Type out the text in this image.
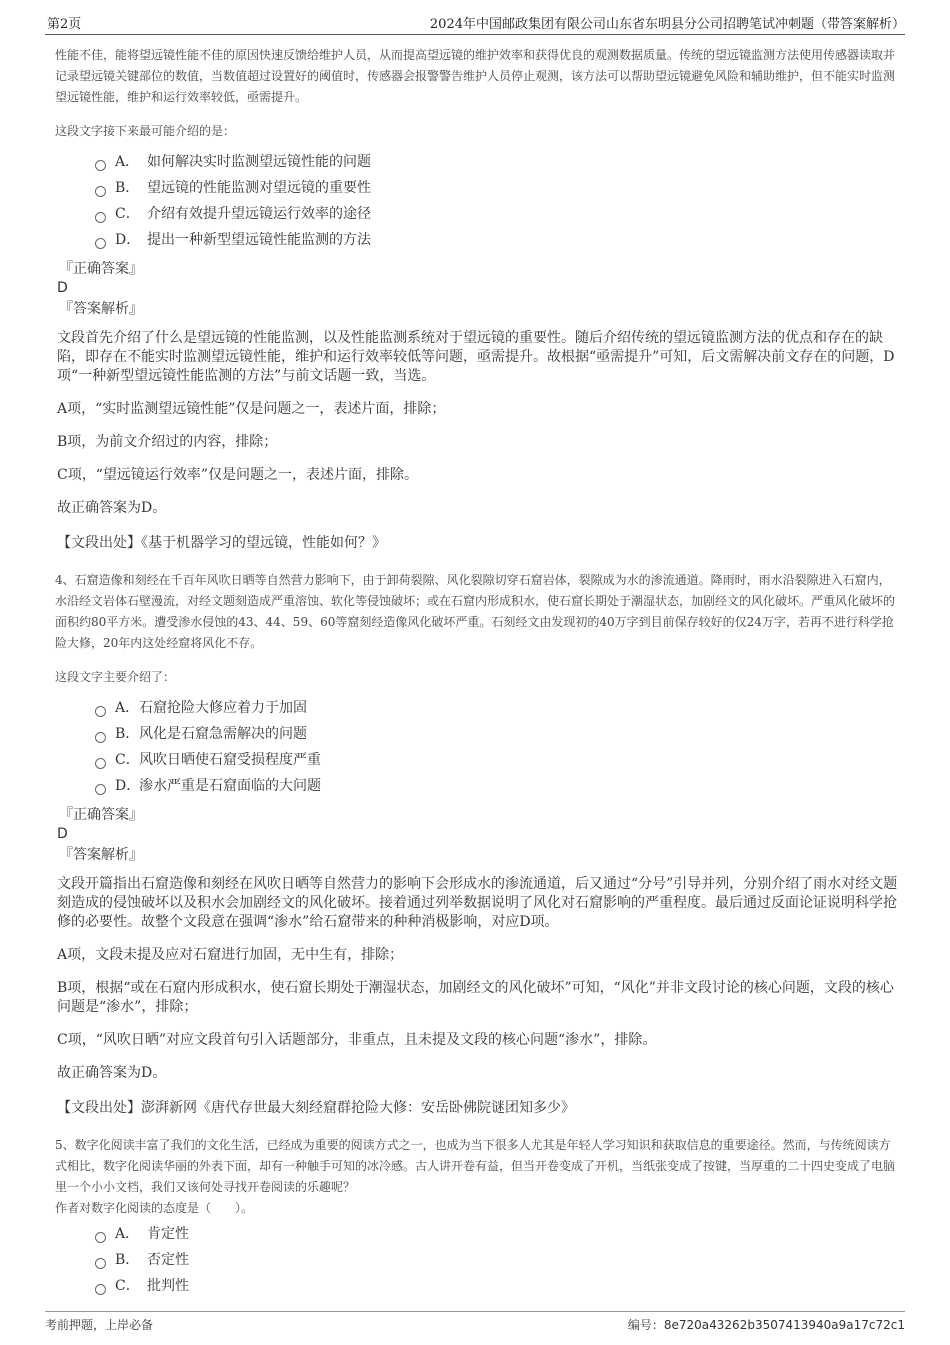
第2页	2024年中国邮政集团有限公司山东省东明县分公司招聘笔试冲刺题（带答案解析）

性能不佳，能将望远镜性能不佳的原因快速反馈给维护人员，从而提高望远镜的维护效率和获得优良的观测数据质量。传统的望远镜监测方法使用传感器读取并记录望远镜关键部位的数值，当数值超过设置好的阈值时，传感器会报警警告维护人员停止观测，该方法可以帮助望远镜避免风险和辅助维护，但不能实时监测望远镜性能，维护和运行效率较低，亟需提升。

这段文字接下来最可能介绍的是：

A． 如何解决实时监测望远镜性能的问题
B． 望远镜的性能监测对望远镜的重要性
C． 介绍有效提升望远镜运行效率的途径
D． 提出一种新型望远镜性能监测的方法

『正确答案』

D

『答案解析』

文段首先介绍了什么是望远镜的性能监测，以及性能监测系统对于望远镜的重要性。随后介绍传统的望远镜监测方法的优点和存在的缺陷，即存在不能实时监测望远镜性能，维护和运行效率较低等问题，亟需提升。故根据“亟需提升”可知，后文需解决前文存在的问题，D项“一种新型望远镜性能监测的方法”与前文话题一致，当选。

A项，“实时监测望远镜性能”仅是问题之一，表述片面，排除；

B项，为前文介绍过的内容，排除；

C项，“望远镜运行效率”仅是问题之一，表述片面，排除。

故正确答案为D。

【文段出处】《基于机器学习的望远镜，性能如何？》

4、石窟造像和刻经在千百年风吹日晒等自然营力影响下，由于卸荷裂隙、风化裂隙切穿石窟岩体，裂隙成为水的渗流通道。降雨时，雨水沿裂隙进入石窟内，水沿经文岩体石壁漫流，对经文题刻造成严重溶蚀、软化等侵蚀破坏；或在石窟内形成积水，使石窟长期处于潮湿状态，加剧经文的风化破坏。严重风化破坏的面积约80平方米。遭受渗水侵蚀的43、44、59、60等窟刻经造像风化破坏严重。石刻经文由发现初的40万字到目前保存较好的仅24万字，若再不进行科学抢险大修，20年内这处经窟将风化不存。

这段文字主要介绍了：

A． 石窟抢险大修应着力于加固
B． 风化是石窟急需解决的问题
C． 风吹日晒使石窟受损程度严重
D．
渗水严重是石窟面临的大问题

『正确答案』

D

『答案解析』

文段开篇指出石窟造像和刻经在风吹日晒等自然营力的影响下会形成水的渗流通道，后又通过“分号”引导并列，分别介绍了雨水对经文题刻造成的侵蚀破坏以及积水会加剧经文的风化破坏。接着通过列举数据说明了风化对石窟影响的严重程度。最后通过反面论证说明科学抢修的必要性。故整个文段意在强调“渗水”给石窟带来的种种消极影响，对应D项。

A项，文段未提及应对石窟进行加固，无中生有，排除；

B项，根据“或在石窟内形成积水，使石窟长期处于潮湿状态，加剧经文的风化破坏”可知，“风化”并非文段讨论的核心问题，文段的核心问题是“渗水”，排除；

C项，“风吹日晒”对应文段首句引入话题部分，非重点，且未提及文段的核心问题“渗水”，排除。

故正确答案为D。

【文段出处】澎湃新网《唐代存世最大刻经窟群抢险大修：安岳卧佛院谜团知多少》

5、数字化阅读丰富了我们的文化生活，已经成为重要的阅读方式之一，也成为当下很多人尤其是年轻人学习知识和获取信息的重要途径。然而，与传统阅读方式相比，数字化阅读华丽的外表下面，却有一种触手可知的冰冷感。古人讲开卷有益，但当开卷变成了开机，当纸张变成了按键，当厚重的二十四史变成了电脑里一个小小文档，我们又该何处寻找开卷阅读的乐趣呢？

作者对数字化阅读的态度是（　　）。

A． 肯定性
B． 否定性
C． 批判性
考前押题，上岸必备	编号：8e720a43262b3507413940a9a17c72c1
